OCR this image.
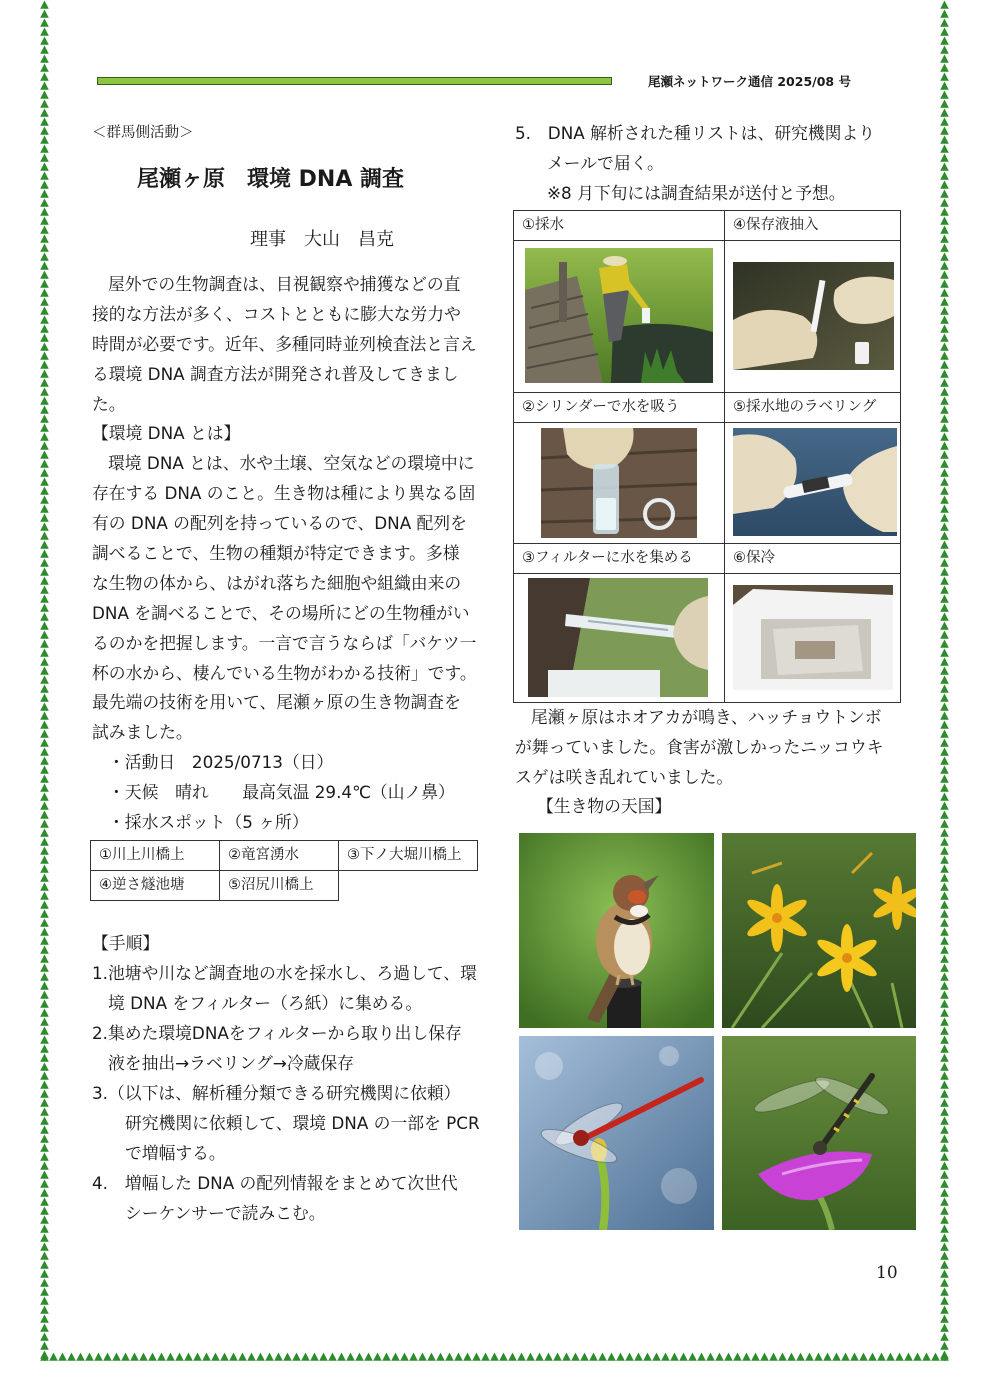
尾瀬ネットワーク通信 2025/08 号
＜群馬側活動＞
尾瀬ヶ原　環境 DNA 調査
理事　大山　昌克
屋外での生物調査は、目視観察や捕獲などの直
接的な方法が多く、コストとともに膨大な労力や
時間が必要です。近年、多種同時並列検査法と言え
る環境 DNA 調査方法が開発され普及してきまし
た。
【環境 DNA とは】
環境 DNA とは、水や土壌、空気などの環境中に
存在する DNA のこと。生き物は種により異なる固
有の DNA の配列を持っているので、DNA 配列を
調べることで、生物の種類が特定できます。多様
な生物の体から、はがれ落ちた細胞や組織由来の
DNA を調べることで、その場所にどの生物種がい
るのかを把握します。一言で言うならば「バケツ一
杯の水から、棲んでいる生物がわかる技術」です。
最先端の技術を用いて、尾瀬ヶ原の生き物調査を
試みました。
・活動日　2025/0713（日）
・天候　晴れ　　最高気温 29.4℃（山ノ鼻）
・採水スポット（5 ヶ所）
①川上川橋上	②竜宮湧水	③下ノ大堀川橋上
④逆さ燧池塘	⑤沼尻川橋上
【手順】
1.池塘や川など調査地の水を採水し、ろ過して、環
境 DNA をフィルター（ろ紙）に集める。
2.集めた環境DNAをフィルターから取り出し保存
液を抽出→ラベリング→冷蔵保存
3.（以下は、解析種分類できる研究機関に依頼）
研究機関に依頼して、環境 DNA の一部を PCR
で増幅する。
4.　増幅した DNA の配列情報をまとめて次世代
シーケンサーで読みこむ。
5.　DNA 解析された種リストは、研究機関より
メールで届く。
※8 月下旬には調査結果が送付と予想。
①採水	④保存液抽入
②シリンダーで水を吸う	⑤採水地のラベリング
③フィルターに水を集める	⑥保冷
尾瀬ヶ原はホオアカが鳴き、ハッチョウトンボ
が舞っていました。食害が激しかったニッコウキ
スゲは咲き乱れていました。
【生き物の天国】
10
